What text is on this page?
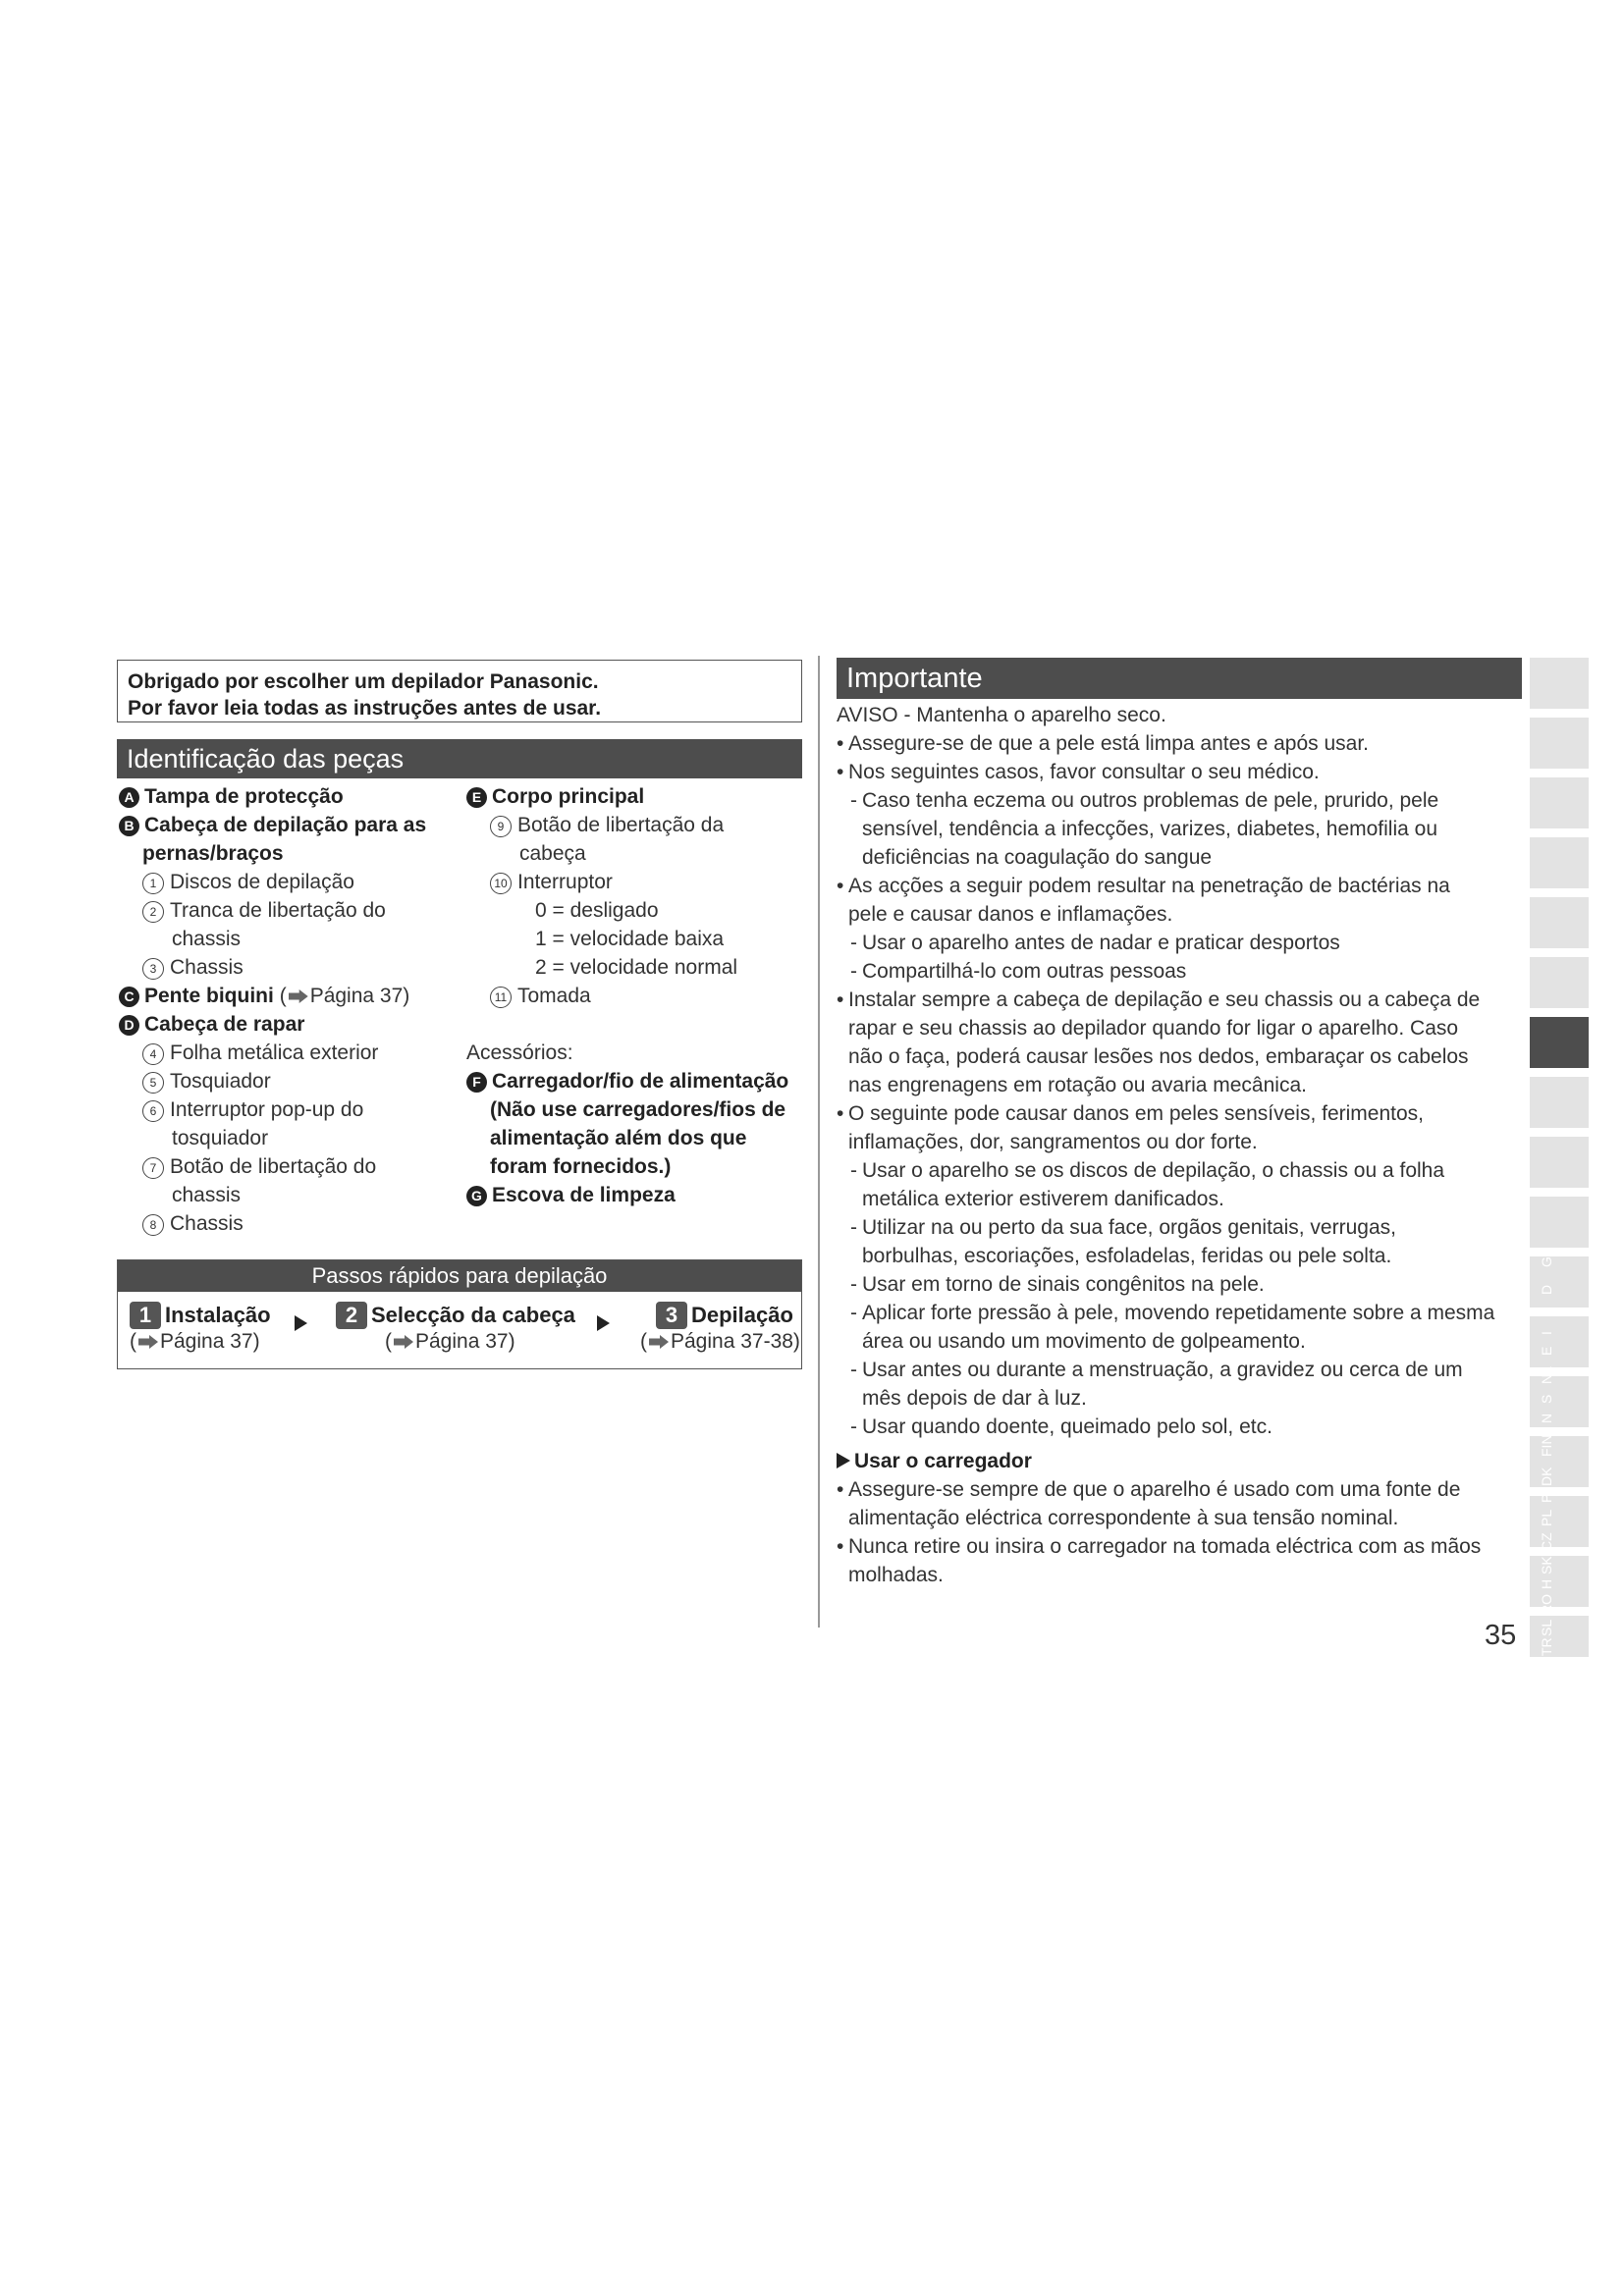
Obrigado por escolher um depilador Panasonic.
Por favor leia todas as instruções antes de usar.
Identificação das peças
A Tampa de protecção
B Cabeça de depilação para as
pernas/braços
1 Discos de depilação
2 Tranca de libertação do
chassis
3 Chassis
C Pente biquini ( Página 37)
D Cabeça de rapar
4 Folha metálica exterior
5 Tosquiador
6 Interruptor pop-up do
tosquiador
7 Botão de libertação do
chassis
8 Chassis
E Corpo principal
9 Botão de libertação da
cabeça
10 Interruptor
0 = desligado
1 = velocidade baixa
2 = velocidade normal
11 Tomada
Acessórios:
F Carregador/fio de alimentação
(Não use carregadores/fios de
alimentação além dos que
foram fornecidos.)
G Escova de limpeza
Passos rápidos para depilação
1 Instalação
( Página 37)
2 Selecção da cabeça
( Página 37)
3 Depilação
( Página 37-38)
Importante
AVISO - Mantenha o aparelho seco.
• Assegure-se de que a pele está limpa antes e após usar.
• Nos seguintes casos, favor consultar o seu médico.
- Caso tenha eczema ou outros problemas de pele, prurido, pele
sensível, tendência a infecções, varizes, diabetes, hemofilia ou
deficiências na coagulação do sangue
• As acções a seguir podem resultar na penetração de bactérias na
pele e causar danos e inflamações.
- Usar o aparelho antes de nadar e praticar desportos
- Compartilhá-lo com outras pessoas
• Instalar sempre a cabeça de depilação e seu chassis ou a cabeça de
rapar e seu chassis ao depilador quando for ligar o aparelho. Caso
não o faça, poderá causar lesões nos dedos, embaraçar os cabelos
nas engrenagens em rotação ou avaria mecânica.
• O seguinte pode causar danos em peles sensíveis, ferimentos,
inflamações, dor, sangramentos ou dor forte.
- Usar o aparelho se os discos de depilação, o chassis ou a folha
metálica exterior estiverem danificados.
- Utilizar na ou perto da sua face, orgãos genitais, verrugas,
borbulhas, escoriações, esfoladelas, feridas ou pele solta.
- Usar em torno de sinais congênitos na pele.
- Aplicar forte pressão à pele, movendo repetidamente sobre a mesma
área ou usando um movimento de golpeamento.
- Usar antes ou durante a menstruação, a gravidez ou cerca de um
mês depois de dar à luz.
- Usar quando doente, queimado pelo sol, etc.
Usar o carregador
• Assegure-se sempre de que o aparelho é usado com uma fonte de
alimentação eléctrica correspondente à sua tensão nominal.
• Nunca retire ou insira o carregador na tomada eléctrica com as mãos
molhadas.
GB
D
F
I
E
NL
S
N
FIN
DK
P
PL
CZ
SK
H
RO
SL
TR
35
